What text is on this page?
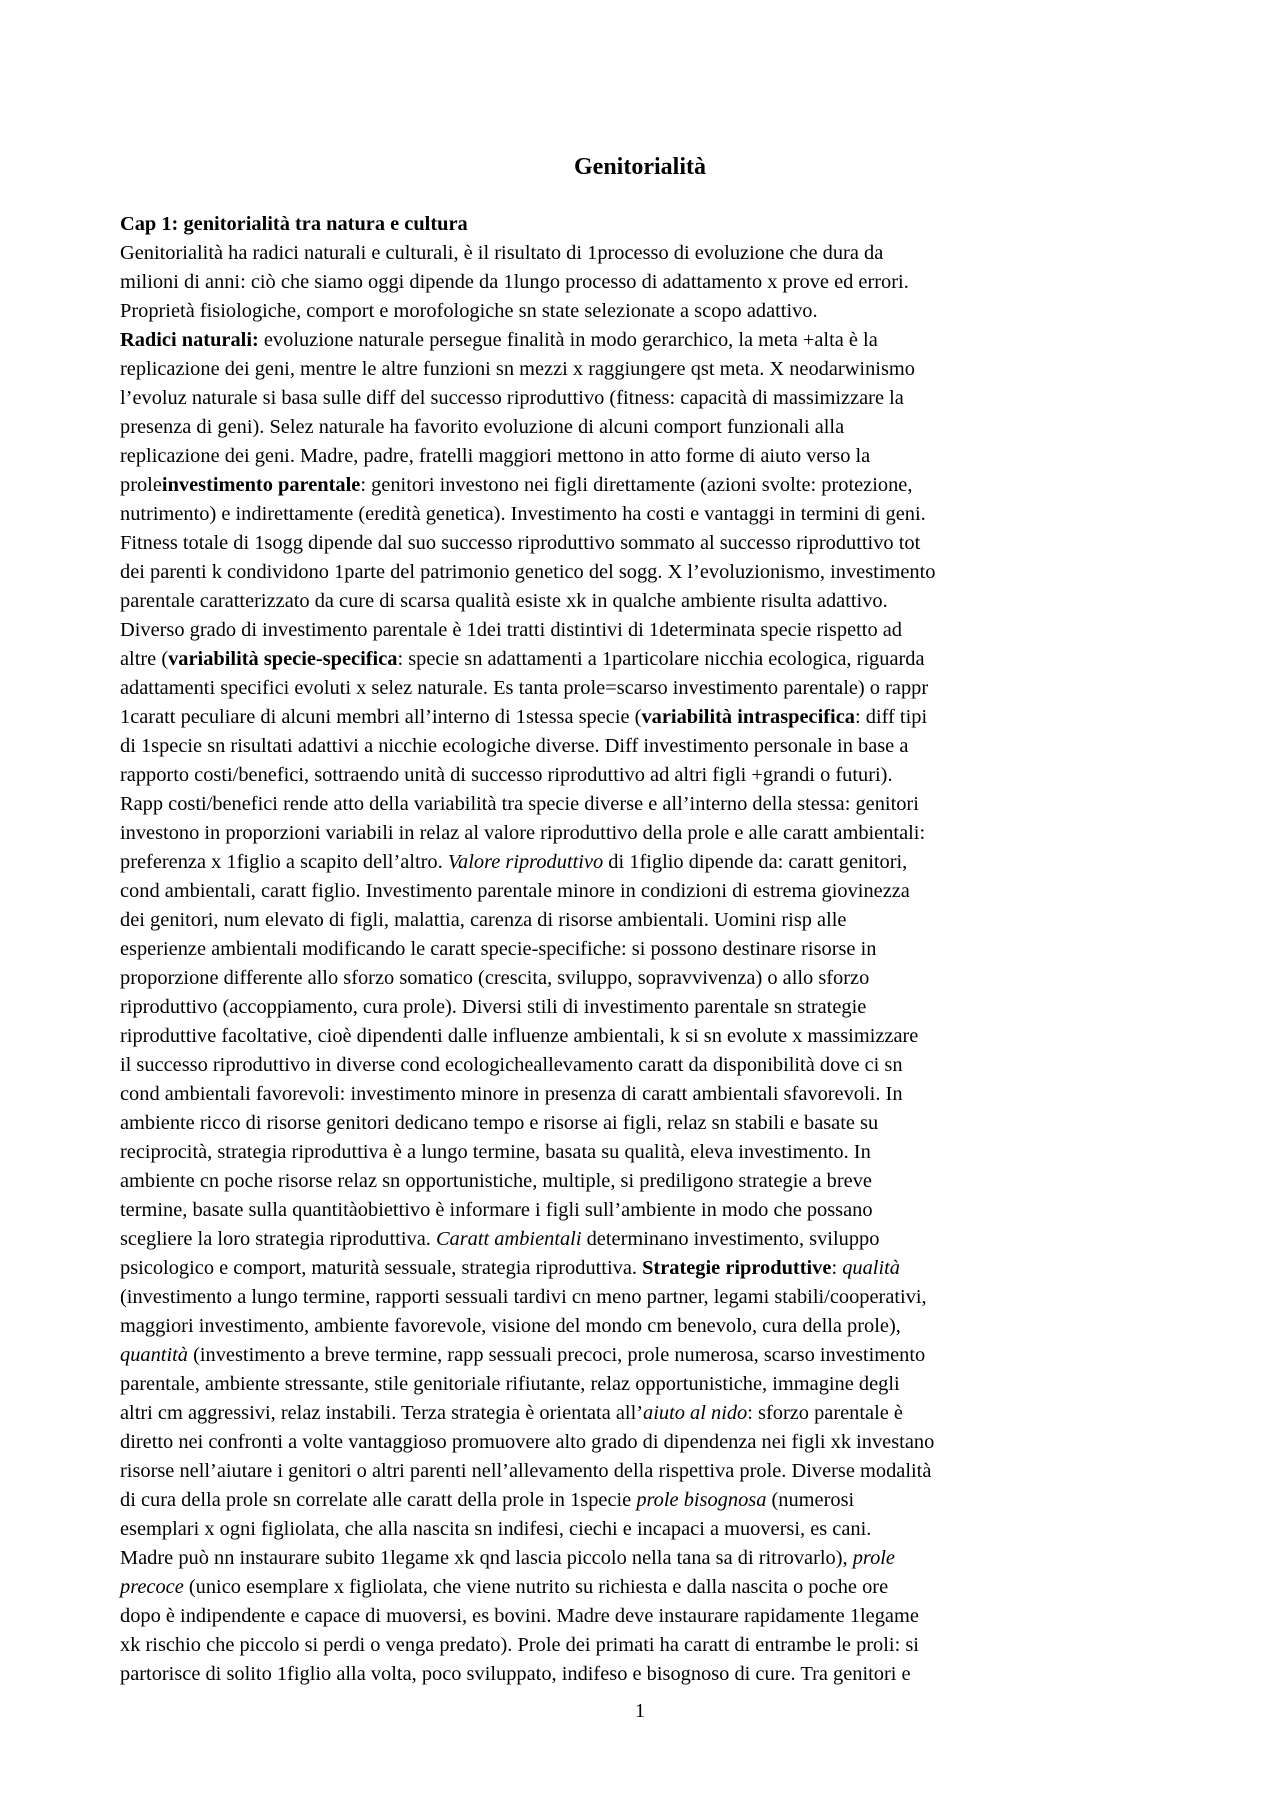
Genitorialità
Cap 1: genitorialità tra natura e cultura
Genitorialità ha radici naturali e culturali, è il risultato di 1processo di evoluzione che dura da
milioni di anni: ciò che siamo oggi dipende da 1lungo processo di adattamento x prove ed errori.
Proprietà fisiologiche, comport e morofologiche sn state selezionate a scopo adattivo.
Radici naturali: evoluzione naturale persegue finalità in modo gerarchico, la meta +alta è la
replicazione dei geni, mentre le altre funzioni sn mezzi x raggiungere qst meta. X neodarwinismo
l’evoluz naturale si basa sulle diff del successo riproduttivo (fitness: capacità di massimizzare la
presenza di geni). Selez naturale ha favorito evoluzione di alcuni comport funzionali alla
replicazione dei geni. Madre, padre, fratelli maggiori mettono in atto forme di aiuto verso la
proleinvestimento parentale: genitori investono nei figli direttamente (azioni svolte: protezione,
nutrimento) e indirettamente (eredità genetica). Investimento ha costi e vantaggi in termini di geni.
Fitness totale di 1sogg dipende dal suo successo riproduttivo sommato al successo riproduttivo tot
dei parenti k condividono 1parte del patrimonio genetico del sogg. X l’evoluzionismo, investimento
parentale caratterizzato da cure di scarsa qualità esiste xk in qualche ambiente risulta adattivo.
Diverso grado di investimento parentale è 1dei tratti distintivi di 1determinata specie rispetto ad
altre (variabilità specie-specifica: specie sn adattamenti a 1particolare nicchia ecologica, riguarda
adattamenti specifici evoluti x selez naturale. Es tanta prole=scarso investimento parentale) o rappr
1caratt peculiare di alcuni membri all’interno di 1stessa specie (variabilità intraspecifica: diff tipi
di 1specie sn risultati adattivi a nicchie ecologiche diverse. Diff investimento personale in base a
rapporto costi/benefici, sottraendo unità di successo riproduttivo ad altri figli +grandi o futuri).
Rapp costi/benefici rende atto della variabilità tra specie diverse e all’interno della stessa: genitori
investono in proporzioni variabili in relaz al valore riproduttivo della prole e alle caratt ambientali:
preferenza x 1figlio a scapito dell’altro. Valore riproduttivo di 1figlio dipende da: caratt genitori,
cond ambientali, caratt figlio. Investimento parentale minore in condizioni di estrema giovinezza
dei genitori, num elevato di figli, malattia, carenza di risorse ambientali. Uomini risp alle
esperienze ambientali modificando le caratt specie-specifiche: si possono destinare risorse in
proporzione differente allo sforzo somatico (crescita, sviluppo, sopravvivenza) o allo sforzo
riproduttivo (accoppiamento, cura prole). Diversi stili di investimento parentale sn strategie
riproduttive facoltative, cioè dipendenti dalle influenze ambientali, k si sn evolute x massimizzare
il successo riproduttivo in diverse cond ecologicheallevamento caratt da disponibilità dove ci sn
cond ambientali favorevoli: investimento minore in presenza di caratt ambientali sfavorevoli. In
ambiente ricco di risorse genitori dedicano tempo e risorse ai figli, relaz sn stabili e basate su
reciprocità, strategia riproduttiva è a lungo termine, basata su qualità, eleva investimento. In
ambiente cn poche risorse relaz sn opportunistiche, multiple, si prediligono strategie a breve
termine, basate sulla quantitàobiettivo è informare i figli sull’ambiente in modo che possano
scegliere la loro strategia riproduttiva. Caratt ambientali determinano investimento, sviluppo
psicologico e comport, maturità sessuale, strategia riproduttiva. Strategie riproduttive: qualità
(investimento a lungo termine, rapporti sessuali tardivi cn meno partner, legami stabili/cooperativi,
maggiori investimento, ambiente favorevole, visione del mondo cm benevolo, cura della prole),
quantità (investimento a breve termine, rapp sessuali precoci, prole numerosa, scarso investimento
parentale, ambiente stressante, stile genitoriale rifiutante, relaz opportunistiche, immagine degli
altri cm aggressivi, relaz instabili. Terza strategia è orientata all’aiuto al nido: sforzo parentale è
diretto nei confronti a volte vantaggioso promuovere alto grado di dipendenza nei figli xk investano
risorse nell’aiutare i genitori o altri parenti nell’allevamento della rispettiva prole. Diverse modalità
di cura della prole sn correlate alle caratt della prole in 1specie prole bisognosa (numerosi
esemplari x ogni figliolata, che alla nascita sn indifesi, ciechi e incapaci a muoversi, es cani.
Madre può nn instaurare subito 1legame xk qnd lascia piccolo nella tana sa di ritrovarlo), prole
precoce (unico esemplare x figliolata, che viene nutrito su richiesta e dalla nascita o poche ore
dopo è indipendente e capace di muoversi, es bovini. Madre deve instaurare rapidamente 1legame
xk rischio che piccolo si perdi o venga predato). Prole dei primati ha caratt di entrambe le proli: si
partorisce di solito 1figlio alla volta, poco sviluppato, indifeso e bisognoso di cure. Tra genitori e
1
